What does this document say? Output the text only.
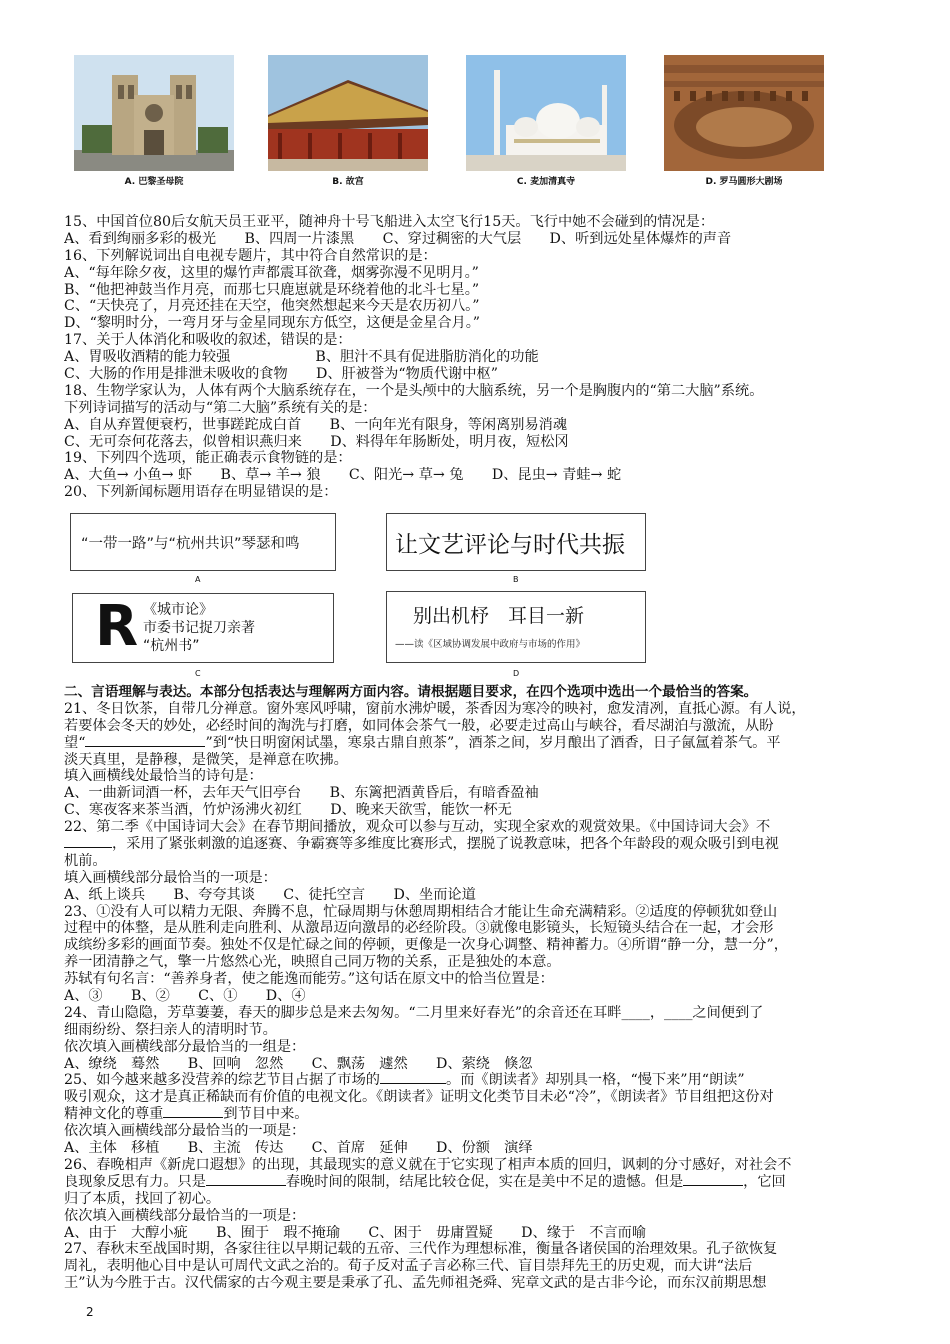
A. 巴黎圣母院	B. 故宫	C. 麦加清真寺	D. 罗马圆形大剧场
15、中国首位80后女航天员王亚平，随神舟十号飞船进入太空飞行15天。飞行中她不会碰到的情况是：
A、看到绚丽多彩的极光　　B、四周一片漆黑　　C、穿过稠密的大气层　　D、听到远处星体爆炸的声音
16、下列解说词出自电视专题片，其中符合自然常识的是：
A、“每年除夕夜，这里的爆竹声都震耳欲聋，烟雾弥漫不见明月。”
B、“他把神鼓当作月亮，而那七只鹿崽就是环绕着他的北斗七星。”
C、“天快亮了，月亮还挂在天空，他突然想起来今天是农历初八。”
D、“黎明时分，一弯月牙与金星同现东方低空，这便是金星合月。”
17、关于人体消化和吸收的叙述，错误的是：
A、胃吸收酒精的能力较强　　　　　　B、胆汁不具有促进脂肪消化的功能
C、大肠的作用是排泄未吸收的食物　　D、肝被誉为“物质代谢中枢”
18、生物学家认为，人体有两个大脑系统存在，一个是头颅中的大脑系统，另一个是胸腹内的“第二大脑”系统。
下列诗词描写的活动与“第二大脑”系统有关的是：
A、自从弃置便衰朽，世事蹉跎成白首　　B、一向年光有限身，等闲离别易消魂
C、无可奈何花落去，似曾相识燕归来　　D、料得年年肠断处，明月夜，短松冈
19、下列四个选项，能正确表示食物链的是：
A、大鱼→ 小鱼→ 虾　　B、草→ 羊→ 狼　　C、阳光→ 草→ 兔　　D、昆虫→ 青蛙→ 蛇
20、下列新闻标题用语存在明显错误的是：
“一带一路”与“杭州共识”琴瑟和鸣
A
让文艺评论与时代共振
B
R 《城市论》
市委书记捉刀亲著
“杭州书”
C
别出机杼　耳目一新
——读《区域协调发展中政府与市场的作用》
D
二、言语理解与表达。本部分包括表达与理解两方面内容。请根据题目要求，在四个选项中选出一个最恰当的答案。
21、冬日饮茶，自带几分禅意。窗外寒风呼啸，窗前水沸炉暖，茶香因为寒冷的映衬，愈发清冽，直抵心源。有人说，
若要体会冬天的妙处，必经时间的淘洗与打磨，如同体会茶气一般，必要走过高山与峡谷，看尽湖泊与激流，从盼
望“	”到“快日明窗闲试墨，寒泉古鼎自煎茶”，酒茶之间，岁月酿出了酒香，日子氤氲着茶气。平
淡天真里，是静穆，是微笑，是禅意在吹拂。
填入画横线处最恰当的诗句是：
A、一曲新词酒一杯，去年天气旧亭台　　B、东篱把酒黄昏后，有暗香盈袖
C、寒夜客来茶当酒，竹炉汤沸火初红　　D、晚来天欲雪，能饮一杯无
22、第二季《中国诗词大会》在春节期间播放，观众可以参与互动，实现全家欢的观赏效果。《中国诗词大会》不
，采用了紧张刺激的追逐赛、争霸赛等多维度比赛形式，摆脱了说教意味，把各个年龄段的观众吸引到电视
机前。
填入画横线部分最恰当的一项是：
A、纸上谈兵　　B、夸夸其谈　　C、徒托空言　　D、坐而论道
23、①没有人可以精力无限、奔腾不息，忙碌周期与休憩周期相结合才能让生命充满精彩。②适度的停顿犹如登山
过程中的体整，是从胜利走向胜利、从激昂迈向激昂的必经阶段。③就像电影镜头，长短镜头结合在一起，才会形
成缤纷多彩的画面节奏。独处不仅是忙碌之间的停顿，更像是一次身心调整、精神蓄力。④所谓“静一分，慧一分”，
养一团清静之气，擎一片悠然心光，映照自己同万物的关系，正是独处的本意。
苏轼有句名言：“善养身者，使之能逸而能劳。”这句话在原文中的恰当位置是：
A、③　　B、②　　C、①　　D、④
24、青山隐隐，芳草萋萋，春天的脚步总是来去匆匆。“二月里来好春光”的余音还在耳畔____，____之间便到了
细雨纷纷、祭扫亲人的清明时节。
依次填入画横线部分最恰当的一组是：
A、缭绕　蓦然　　B、回响　忽然　　C、飘荡　遽然　　D、萦绕　倏忽
25、如今越来越多没营养的综艺节目占据了市场的	。而《朗读者》却别具一格，“慢下来”用“朗读”
吸引观众，这才是真正稀缺而有价值的电视文化。《朗读者》证明文化类节目未必“冷”，《朗读者》节目组把这份对
精神文化的尊重	到节目中来。
依次填入画横线部分最恰当的一项是：
A、主体　移植　　B、主流　传达　　C、首席　延伸　　D、份额　演绎
26、春晚相声《新虎口遐想》的出现，其最现实的意义就在于它实现了相声本质的回归，讽刺的分寸感好，对社会不
良现象反思有力。只是	春晚时间的限制，结尾比较仓促，实在是美中不足的遗憾。但是	，它回
归了本质，找回了初心。
依次填入画横线部分最恰当的一项是：
A、由于　大醇小疵　　B、囿于　瑕不掩瑜　　C、困于　毋庸置疑　　D、缘于　不言而喻
27、春秋末至战国时期，各家往往以早期记载的五帝、三代作为理想标准，衡量各诸侯国的治理效果。孔子欲恢复
周礼，表明他心目中是认可周代文武之治的。荀子反对孟子言必称三代、盲目崇拜先王的历史观，而大讲“法后
王”认为今胜于古。汉代儒家的古今观主要是秉承了孔、孟先师祖尧舜、宪章文武的是古非今论，而东汉前期思想
2
